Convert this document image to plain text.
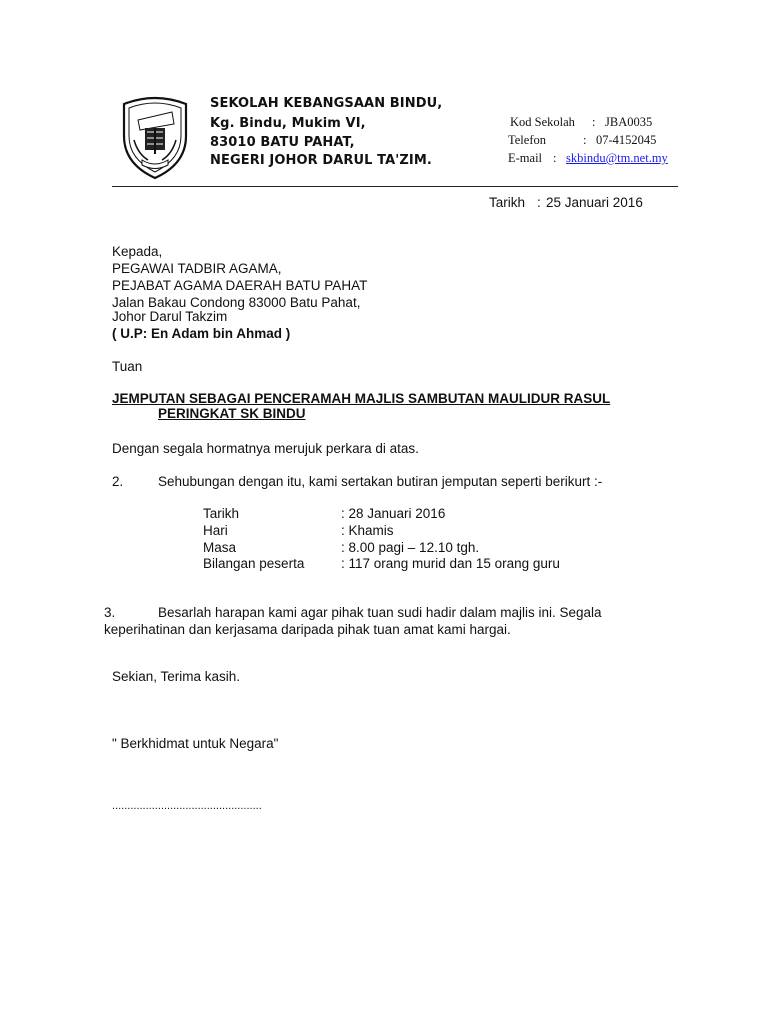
SEKOLAH KEBANGSAAN BINDU,
Kg. Bindu, Mukim VI,
83010 BATU PAHAT,
NEGERI JOHOR DARUL TA'ZIM.
Kod Sekolah : JBA0035
Telefon	: 07-4152045
E-mail : skbindu@tm.net.my
Tarikh : 25 Januari 2016
Kepada,
PEGAWAI TADBIR AGAMA,
PEJABAT AGAMA DAERAH BATU PAHAT
Jalan Bakau Condong 83000 Batu Pahat,
Johor Darul Takzim
( U.P: En Adam bin Ahmad )
Tuan
JEMPUTAN SEBAGAI PENCERAMAH MAJLIS SAMBUTAN MAULIDUR RASUL
PERINGKAT SK BINDU
Dengan segala hormatnya merujuk perkara di atas.
2.	Sehubungan dengan itu, kami sertakan butiran jemputan seperti berikurt :-
Tarikh	: 28 Januari 2016
Hari	: Khamis
Masa	: 8.00 pagi – 12.10 tgh.
Bilangan peserta	: 117 orang murid dan 15 orang guru
3.	Besarlah harapan kami agar pihak tuan sudi hadir dalam majlis ini. Segala
keperihatinan dan kerjasama daripada pihak tuan amat kami hargai.
Sekian, Terima kasih.
" Berkhidmat untuk Negara"
.................................................
